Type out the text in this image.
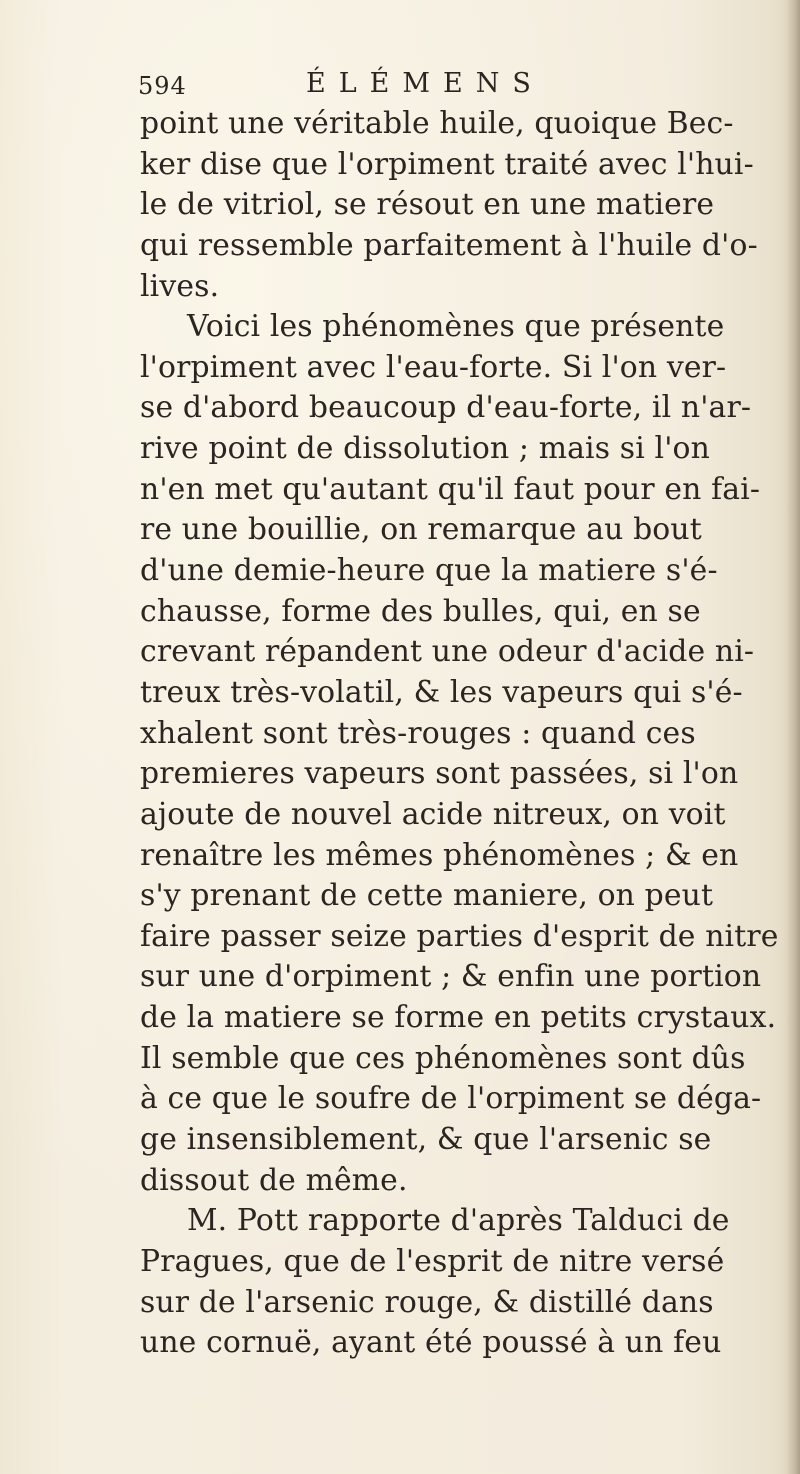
594	ÉLÉMENS
point une véritable huile, quoique Bec-
ker dise que l'orpiment traité avec l'hui-
le de vitriol, se résout en une matiere
qui ressemble parfaitement à l'huile d'o-
lives.
Voici les phénomènes que présente
l'orpiment avec l'eau-forte. Si l'on ver-
se d'abord beaucoup d'eau-forte, il n'ar-
rive point de dissolution ; mais si l'on
n'en met qu'autant qu'il faut pour en fai-
re une bouillie, on remarque au bout
d'une demie-heure que la matiere s'é-
chausse, forme des bulles, qui, en se
crevant répandent une odeur d'acide ni-
treux très-volatil, & les vapeurs qui s'é-
xhalent sont très-rouges : quand ces
premieres vapeurs sont passées, si l'on
ajoute de nouvel acide nitreux, on voit
renaître les mêmes phénomènes ; & en
s'y prenant de cette maniere, on peut
faire passer seize parties d'esprit de nitre
sur une d'orpiment ; & enfin une portion
de la matiere se forme en petits crystaux.
Il semble que ces phénomènes sont dûs
à ce que le soufre de l'orpiment se déga-
ge insensiblement, & que l'arsenic se
dissout de même.
M. Pott rapporte d'après Talduci de
Pragues, que de l'esprit de nitre versé
sur de l'arsenic rouge, & distillé dans
une cornuë, ayant été poussé à un feu
